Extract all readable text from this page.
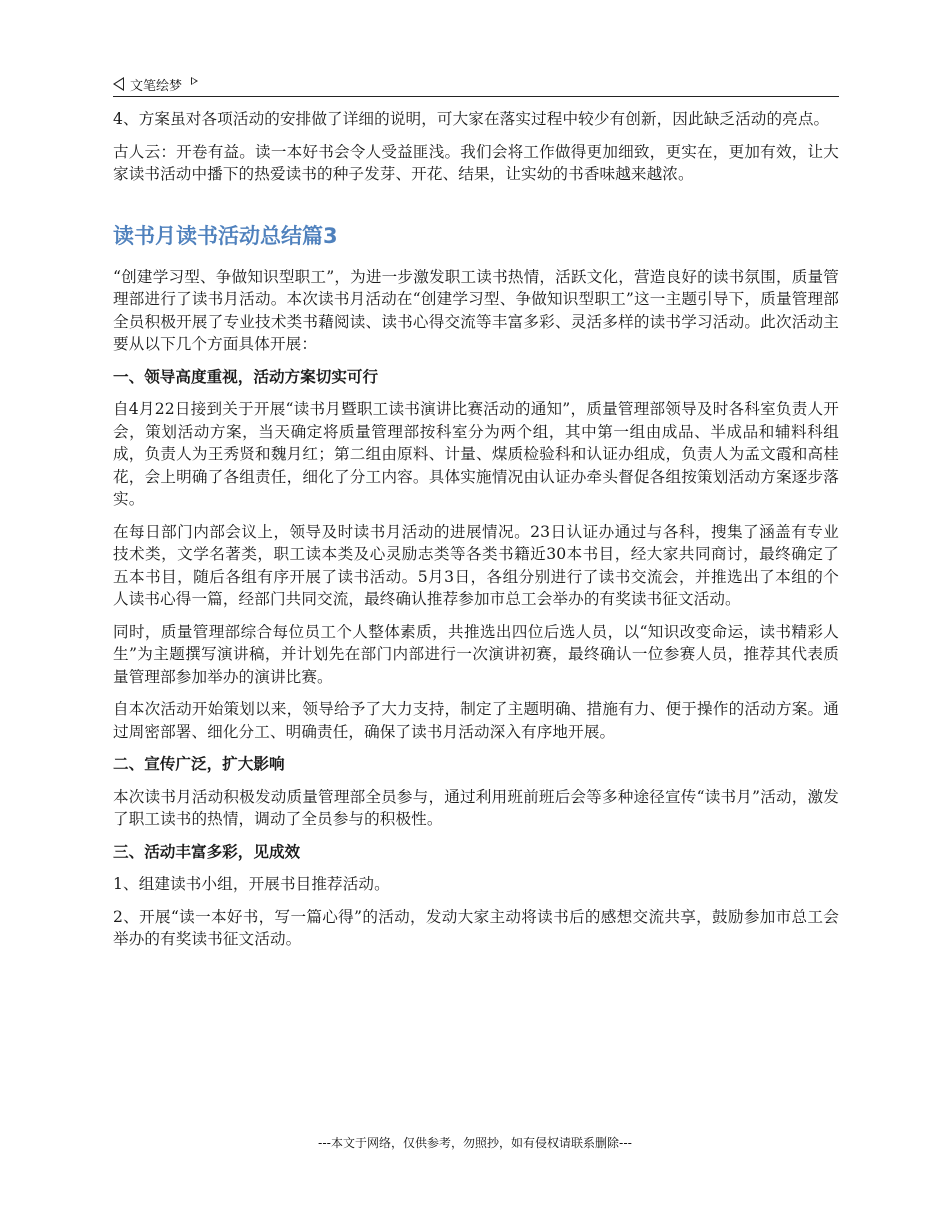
文笔绘梦

4、方案虽对各项活动的安排做了详细的说明，可大家在落实过程中较少有创新，因此缺乏活动的亮点。

古人云：开卷有益。读一本好书会令人受益匪浅。我们会将工作做得更加细致，更实在，更加有效，让大家读书活动中播下的热爱读书的种子发芽、开花、结果，让实幼的书香味越来越浓。

读书月读书活动总结篇3

“创建学习型、争做知识型职工”，为进一步激发职工读书热情，活跃文化，营造良好的读书氛围，质量管理部进行了读书月活动。本次读书月活动在“创建学习型、争做知识型职工”这一主题引导下，质量管理部全员积极开展了专业技术类书藉阅读、读书心得交流等丰富多彩、灵活多样的读书学习活动。此次活动主要从以下几个方面具体开展：

一、领导高度重视，活动方案切实可行

自4月22日接到关于开展“读书月暨职工读书演讲比赛活动的通知”，质量管理部领导及时各科室负责人开会，策划活动方案，当天确定将质量管理部按科室分为两个组，其中第一组由成品、半成品和辅料科组成，负责人为王秀贤和魏月红；第二组由原料、计量、煤质检验科和认证办组成，负责人为孟文霞和高桂花，会上明确了各组责任，细化了分工内容。具体实施情况由认证办牵头督促各组按策划活动方案逐步落实。

在每日部门内部会议上，领导及时读书月活动的进展情况。23日认证办通过与各科，搜集了涵盖有专业技术类，文学名著类，职工读本类及心灵励志类等各类书籍近30本书目，经大家共同商讨，最终确定了五本书目，随后各组有序开展了读书活动。5月3日，各组分别进行了读书交流会，并推选出了本组的个人读书心得一篇，经部门共同交流，最终确认推荐参加市总工会举办的有奖读书征文活动。

同时，质量管理部综合每位员工个人整体素质，共推选出四位后选人员，以“知识改变命运，读书精彩人生”为主题撰写演讲稿，并计划先在部门内部进行一次演讲初赛，最终确认一位参赛人员，推荐其代表质量管理部参加举办的演讲比赛。

自本次活动开始策划以来，领导给予了大力支持，制定了主题明确、措施有力、便于操作的活动方案。通过周密部署、细化分工、明确责任，确保了读书月活动深入有序地开展。

二、宣传广泛，扩大影响

本次读书月活动积极发动质量管理部全员参与，通过利用班前班后会等多种途径宣传“读书月”活动，激发了职工读书的热情，调动了全员参与的积极性。

三、活动丰富多彩，见成效

1、组建读书小组，开展书目推荐活动。

2、开展“读一本好书，写一篇心得”的活动，发动大家主动将读书后的感想交流共享，鼓励参加市总工会举办的有奖读书征文活动。

---本文于网络，仅供参考，勿照抄，如有侵权请联系删除---
